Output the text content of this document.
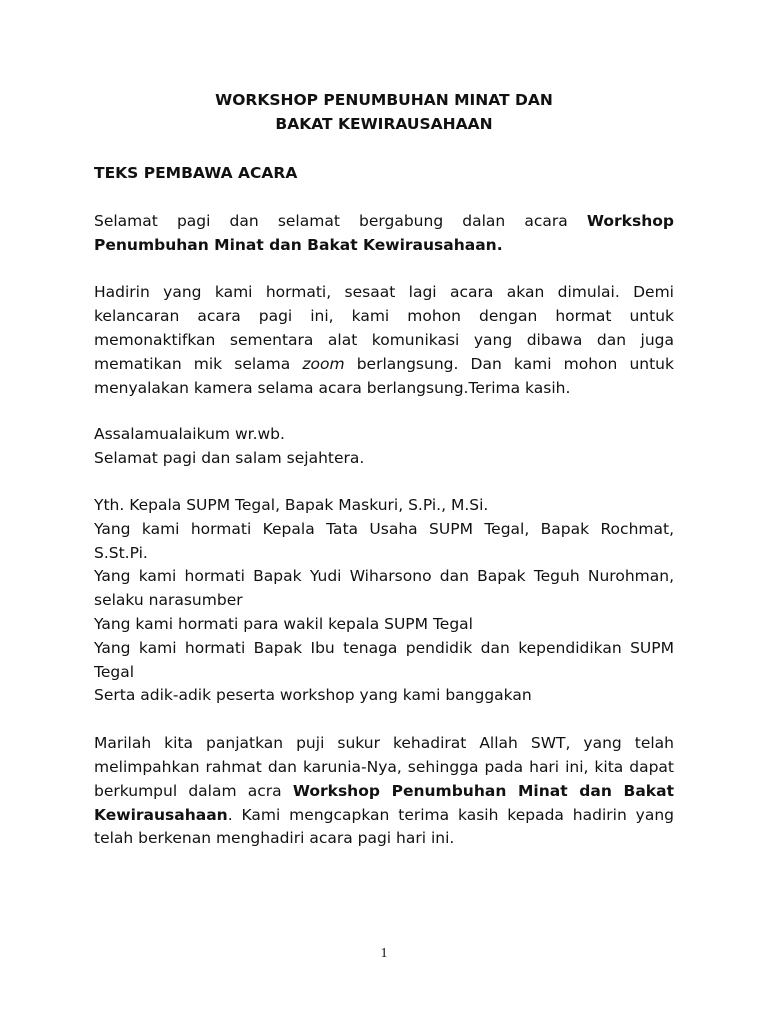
WORKSHOP PENUMBUHAN MINAT DAN
BAKAT KEWIRAUSAHAAN

TEKS PEMBAWA ACARA

Selamat pagi dan selamat bergabung dalan acara Workshop Penumbuhan Minat dan Bakat Kewirausahaan.

Hadirin yang kami hormati, sesaat lagi acara akan dimulai. Demi kelancaran acara pagi ini, kami mohon dengan hormat untuk memonaktifkan sementara alat komunikasi yang dibawa dan juga mematikan mik selama zoom berlangsung. Dan kami mohon untuk menyalakan kamera selama acara berlangsung.Terima kasih.

Assalamualaikum wr.wb.

Selamat pagi dan salam sejahtera.

Yth. Kepala SUPM Tegal, Bapak Maskuri, S.Pi., M.Si.

Yang kami hormati Kepala Tata Usaha SUPM Tegal, Bapak Rochmat, S.St.Pi.

Yang kami hormati Bapak Yudi Wiharsono dan Bapak Teguh Nurohman, selaku narasumber

Yang kami hormati para wakil kepala SUPM Tegal

Yang kami hormati Bapak Ibu tenaga pendidik dan kependidikan SUPM Tegal

Serta adik-adik peserta workshop yang kami banggakan

Marilah kita panjatkan puji sukur kehadirat Allah SWT, yang telah melimpahkan rahmat dan karunia-Nya, sehingga pada hari ini, kita dapat berkumpul dalam acra Workshop Penumbuhan Minat dan Bakat Kewirausahaan. Kami mengcapkan terima kasih kepada hadirin yang telah berkenan menghadiri acara pagi hari ini.

1
